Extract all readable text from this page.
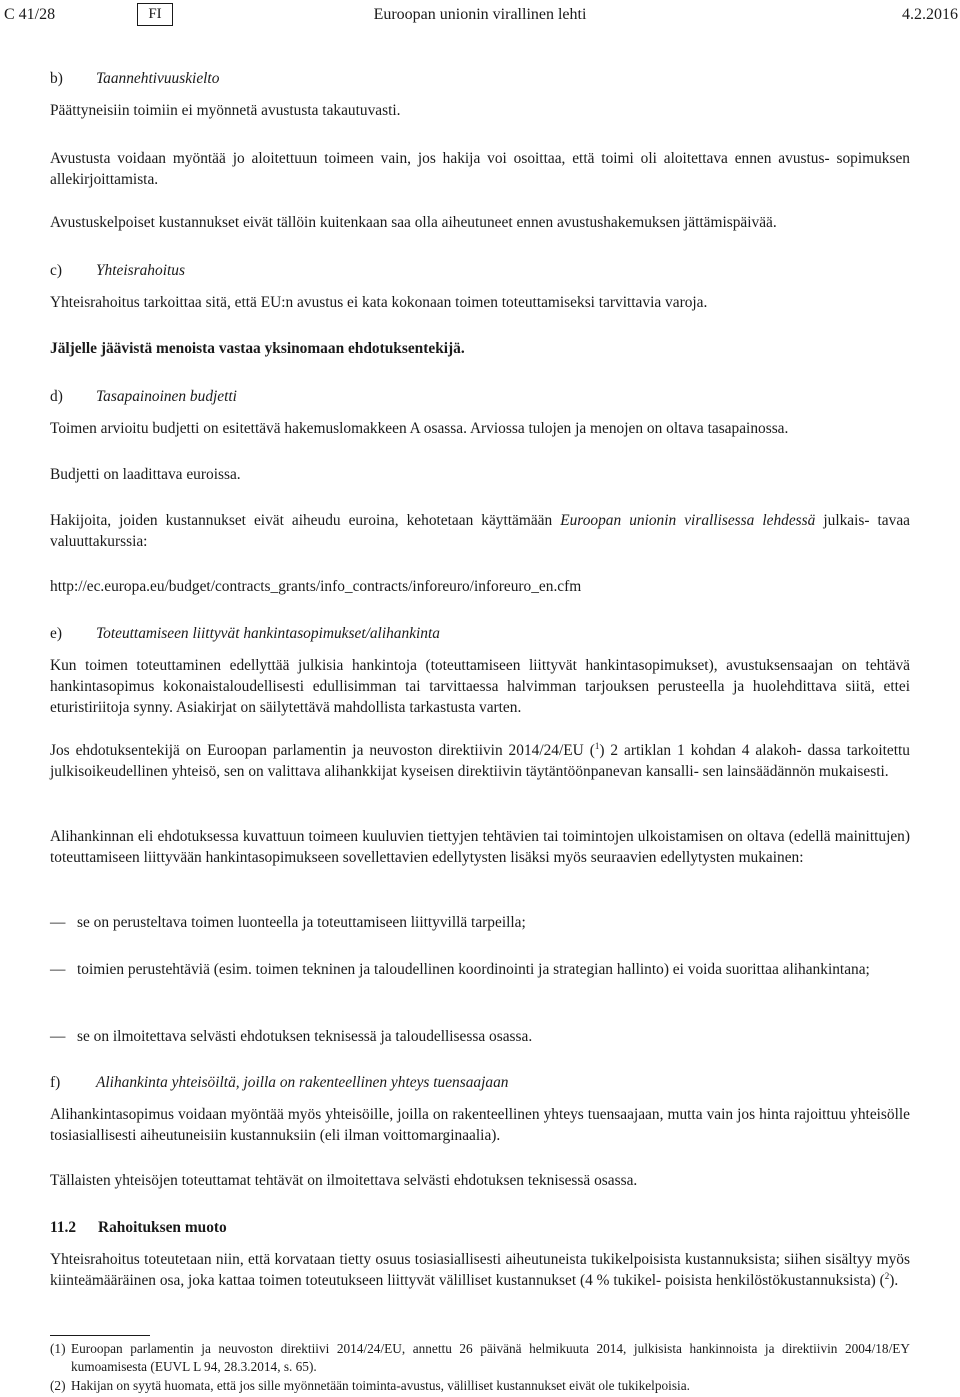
C 41/28	FI	Euroopan unionin virallinen lehti	4.2.2016
b)	Taannehtivuuskielto

Päättyneisiin toimiin ei myönnetä avustusta takautuvasti.

Avustusta voidaan myöntää jo aloitettuun toimeen vain, jos hakija voi osoittaa, että toimi oli aloitettava ennen avustus- sopimuksen allekirjoittamista.

Avustuskelpoiset kustannukset eivät tällöin kuitenkaan saa olla aiheutuneet ennen avustushakemuksen jättämispäivää.

c)	Yhteisrahoitus

Yhteisrahoitus tarkoittaa sitä, että EU:n avustus ei kata kokonaan toimen toteuttamiseksi tarvittavia varoja.

Jäljelle jäävistä menoista vastaa yksinomaan ehdotuksentekijä.

d)	Tasapainoinen budjetti

Toimen arvioitu budjetti on esitettävä hakemuslomakkeen A osassa. Arviossa tulojen ja menojen on oltava tasapainossa.

Budjetti on laadittava euroissa.

Hakijoita, joiden kustannukset eivät aiheudu euroina, kehotetaan käyttämään Euroopan unionin virallisessa lehdessä julkais- tavaa valuuttakurssia:

http://ec.europa.eu/budget/contracts_grants/info_contracts/inforeuro/inforeuro_en.cfm

e)	Toteuttamiseen liittyvät hankintasopimukset/alihankinta

Kun toimen toteuttaminen edellyttää julkisia hankintoja (toteuttamiseen liittyvät hankintasopimukset), avustuksensaajan on tehtävä hankintasopimus kokonaistaloudellisesti edullisimman tai tarvittaessa halvimman tarjouksen perusteella ja huolehdittava siitä, ettei eturistiriitoja synny. Asiakirjat on säilytettävä mahdollista tarkastusta varten.

Jos ehdotuksentekijä on Euroopan parlamentin ja neuvoston direktiivin 2014/24/EU ($^1$) 2 artiklan 1 kohdan 4 alakoh- dassa tarkoitettu julkisoikeudellinen yhteisö, sen on valittava alihankkijat kyseisen direktiivin täytäntöönpanevan kansalli- sen lainsäädännön mukaisesti.

Alihankinnan eli ehdotuksessa kuvattuun toimeen kuuluvien tiettyjen tehtävien tai toimintojen ulkoistamisen on oltava (edellä mainittujen) toteuttamiseen liittyvään hankintasopimukseen sovellettavien edellytysten lisäksi myös seuraavien edellytysten mukainen:

— se on perusteltava toimen luonteella ja toteuttamiseen liittyvillä tarpeilla;
— toimien perustehtäviä (esim. toimen tekninen ja taloudellinen koordinointi ja strategian hallinto) ei voida suorittaa alihankintana;
— se on ilmoitettava selvästi ehdotuksen teknisessä ja taloudellisessa osassa.
f)	Alihankinta yhteisöiltä, joilla on rakenteellinen yhteys tuensaajaan

Alihankintasopimus voidaan myöntää myös yhteisöille, joilla on rakenteellinen yhteys tuensaajaan, mutta vain jos hinta rajoittuu yhteisölle tosiasiallisesti aiheutuneisiin kustannuksiin (eli ilman voittomarginaalia).

Tällaisten yhteisöjen toteuttamat tehtävät on ilmoitettava selvästi ehdotuksen teknisessä osassa.

11.2 Rahoituksen muoto

Yhteisrahoitus toteutetaan niin, että korvataan tietty osuus tosiasiallisesti aiheutuneista tukikelpoisista kustannuksista; siihen sisältyy myös kiinteämääräinen osa, joka kattaa toimen toteutukseen liittyvät välilliset kustannukset (4 % tukikel- poisista henkilöstökustannuksista) ($^2$).

(1) Euroopan parlamentin ja neuvoston direktiivi 2014/24/EU, annettu 26 päivänä helmikuuta 2014, julkisista hankinnoista ja direktiivin 2004/18/EY kumoamisesta (EUVL L 94, 28.3.2014, s. 65).
(2) Hakijan on syytä huomata, että jos sille myönnetään toiminta-avustus, välilliset kustannukset eivät ole tukikelpoisia.
